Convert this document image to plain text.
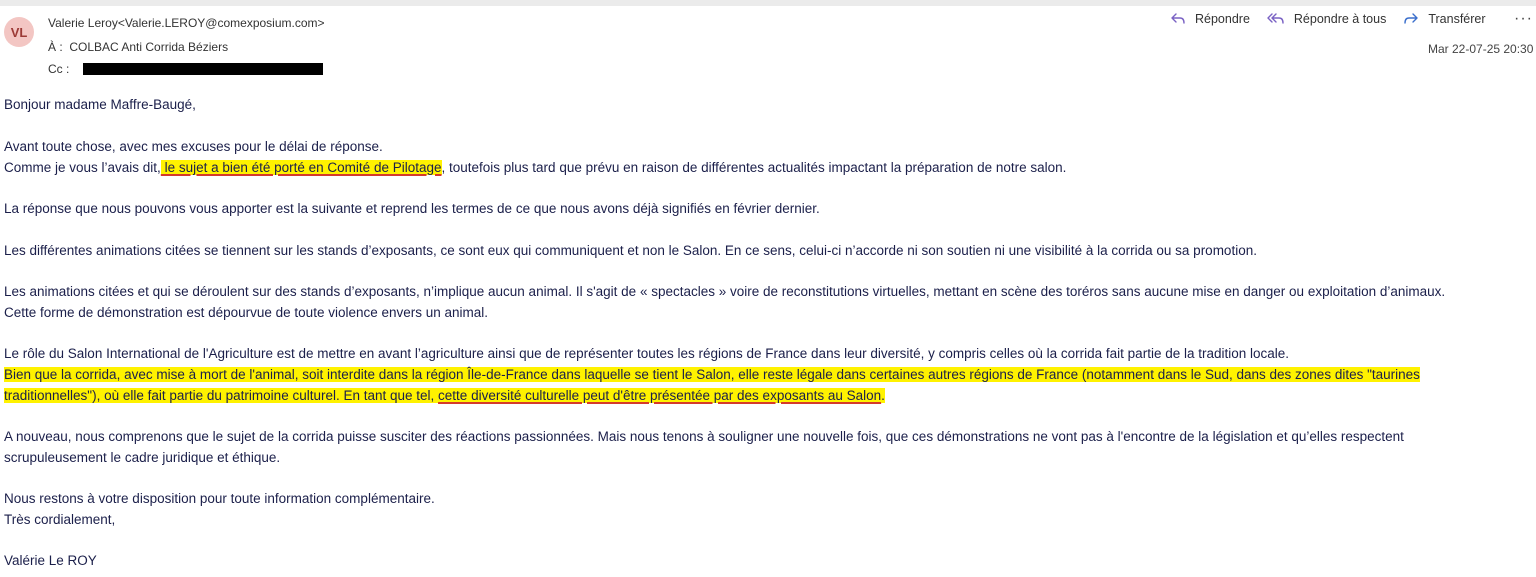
VL
Valerie Leroy<Valerie.LEROY@comexposium.com>
À : COLBAC Anti Corrida Béziers
Cc :
Répondre	Répondre à tous	Transférer ···
Mar 22-07-25 20:30
Bonjour madame Maffre-Baugé,
Avant toute chose, avec mes excuses pour le délai de réponse.
Comme je vous l’avais dit, le sujet a bien été porté en Comité de Pilotage, toutefois plus tard que prévu en raison de différentes actualités impactant la préparation de notre salon.
La réponse que nous pouvons vous apporter est la suivante et reprend les termes de ce que nous avons déjà signifiés en février dernier.
Les différentes animations citées se tiennent sur les stands d’exposants, ce sont eux qui communiquent et non le Salon. En ce sens, celui-ci n’accorde ni son soutien ni une visibilité à la corrida ou sa promotion.
Les animations citées et qui se déroulent sur des stands d’exposants, n’implique aucun animal. Il s'agit de « spectacles » voire de reconstitutions virtuelles, mettant en scène des toréros sans aucune mise en danger ou exploitation d’animaux.
Cette forme de démonstration est dépourvue de toute violence envers un animal.
Le rôle du Salon International de l'Agriculture est de mettre en avant l’agriculture ainsi que de représenter toutes les régions de France dans leur diversité, y compris celles où la corrida fait partie de la tradition locale.
Bien que la corrida, avec mise à mort de l'animal, soit interdite dans la région Île-de-France dans laquelle se tient le Salon, elle reste légale dans certaines autres régions de France (notamment dans le Sud, dans des zones dites "taurines
traditionnelles"), où elle fait partie du patrimoine culturel. En tant que tel, cette diversité culturelle peut d'être présentée par des exposants au Salon.
A nouveau, nous comprenons que le sujet de la corrida puisse susciter des réactions passionnées. Mais nous tenons à souligner une nouvelle fois, que ces démonstrations ne vont pas à l'encontre de la législation et qu’elles respectent
scrupuleusement le cadre juridique et éthique.
Nous restons à votre disposition pour toute information complémentaire.
Très cordialement,
Valérie Le ROY
